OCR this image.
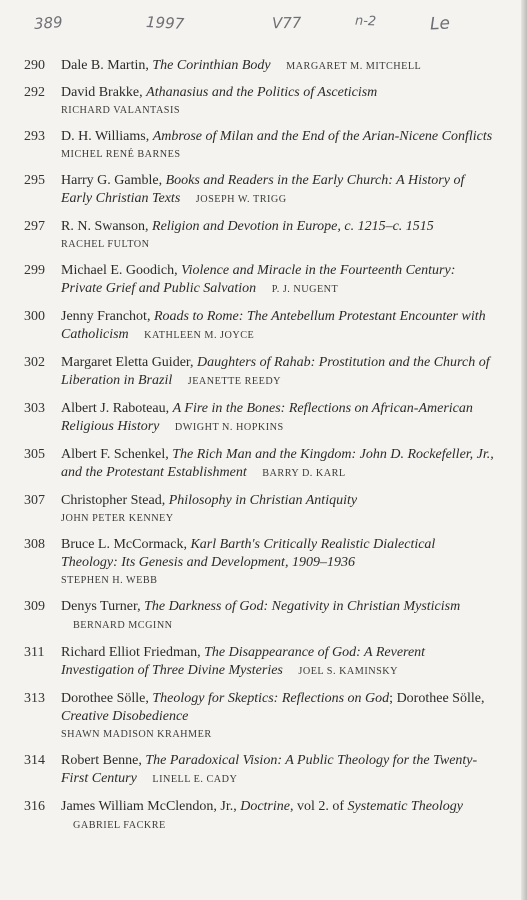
389	1997	V77	n-2	Le
290	Dale B. Martin, The Corinthian Body MARGARET M. MITCHELL
292	David Brakke, Athanasius and the Politics of Asceticism
RICHARD VALANTASIS
293	D. H. Williams, Ambrose of Milan and the End of the Arian-Nicene Conflicts
MICHEL RENÉ BARNES
295	Harry G. Gamble, Books and Readers in the Early Church: A History of Early Christian Texts JOSEPH W. TRIGG
297	R. N. Swanson, Religion and Devotion in Europe, c. 1215–c. 1515
RACHEL FULTON
299	Michael E. Goodich, Violence and Miracle in the Fourteenth Century: Private Grief and Public Salvation P. J. NUGENT
300	Jenny Franchot, Roads to Rome: The Antebellum Protestant Encounter with Catholicism KATHLEEN M. JOYCE
302	Margaret Eletta Guider, Daughters of Rahab: Prostitution and the Church of Liberation in Brazil JEANETTE REEDY
303	Albert J. Raboteau, A Fire in the Bones: Reflections on African-American Religious History DWIGHT N. HOPKINS
305	Albert F. Schenkel, The Rich Man and the Kingdom: John D. Rockefeller, Jr., and the Protestant Establishment BARRY D. KARL
307	Christopher Stead, Philosophy in Christian Antiquity
JOHN PETER KENNEY
308	Bruce L. McCormack, Karl Barth's Critically Realistic Dialectical Theology: Its Genesis and Development, 1909–1936
STEPHEN H. WEBB
309	Denys Turner, The Darkness of God: Negativity in Christian Mysticism BERNARD MCGINN
311	Richard Elliot Friedman, The Disappearance of God: A Reverent Investigation of Three Divine Mysteries JOEL S. KAMINSKY
313	Dorothee Sölle, Theology for Skeptics: Reflections on God; Dorothee Sölle, Creative Disobedience
SHAWN MADISON KRAHMER
314	Robert Benne, The Paradoxical Vision: A Public Theology for the Twenty-First Century LINELL E. CADY
316	James William McClendon, Jr., Doctrine, vol 2. of Systematic Theology GABRIEL FACKRE
